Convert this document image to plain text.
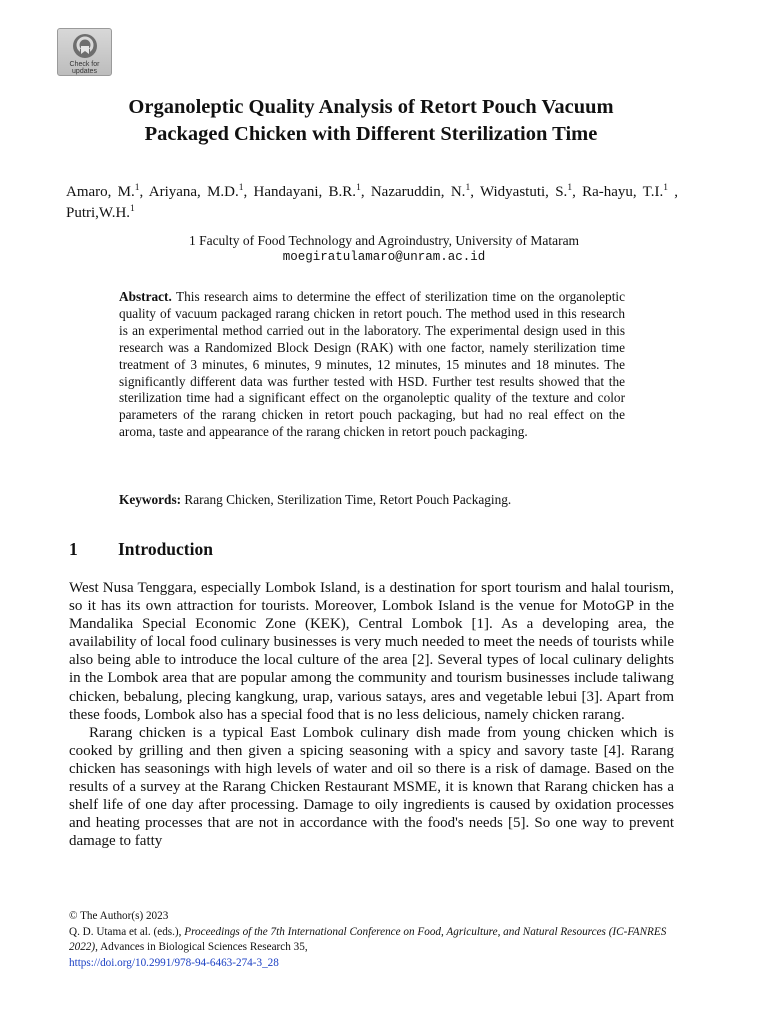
Check for
updates
Organoleptic Quality Analysis of Retort Pouch Vacuum
Packaged Chicken with Different Sterilization Time

Amaro, M.$^1$, Ariyana, M.D.$^1$, Handayani, B.R.$^1$, Nazaruddin, N.$^1$, Widyastuti, S.$^1$, Ra-hayu, T.I.$^1$ , Putri,W.H.$^1$

1 Faculty of Food Technology and Agroindustry, University of Mataram

moegiratulamaro@unram.ac.id

Abstract. This research aims to determine the effect of sterilization time on the organoleptic quality of vacuum packaged rarang chicken in retort pouch. The method used in this research is an experimental method carried out in the laboratory. The experimental design used in this research was a Randomized Block Design (RAK) with one factor, namely sterilization time treatment of 3 minutes, 6 minutes, 9 minutes, 12 minutes, 15 minutes and 18 minutes. The significantly different data was further tested with HSD. Further test results showed that the sterilization time had a significant effect on the organoleptic quality of the texture and color parameters of the rarang chicken in retort pouch packaging, but had no real effect on the aroma, taste and appearance of the rarang chicken in retort pouch packaging.

Keywords: Rarang Chicken, Sterilization Time, Retort Pouch Packaging.

1 Introduction

West Nusa Tenggara, especially Lombok Island, is a destination for sport tourism and halal tourism, so it has its own attraction for tourists. Moreover, Lombok Island is the venue for MotoGP in the Mandalika Special Economic Zone (KEK), Central Lombok [1]. As a developing area, the availability of local food culinary businesses is very much needed to meet the needs of tourists while also being able to introduce the local culture of the area [2]. Several types of local culinary delights in the Lombok area that are popular among the community and tourism businesses include taliwang chicken, bebalung, plecing kangkung, urap, various satays, ares and vegetable lebui [3]. Apart from these foods, Lombok also has a special food that is no less delicious, namely chicken rarang.

Rarang chicken is a typical East Lombok culinary dish made from young chicken which is cooked by grilling and then given a spicing seasoning with a spicy and savory taste [4]. Rarang chicken has seasonings with high levels of water and oil so there is a risk of damage. Based on the results of a survey at the Rarang Chicken Restaurant MSME, it is known that Rarang chicken has a shelf life of one day after processing. Damage to oily ingredients is caused by oxidation processes and heating processes that are not in accordance with the food's needs [5]. So one way to prevent damage to fatty

© The Author(s) 2023
Q. D. Utama et al. (eds.), Proceedings of the 7th International Conference on Food, Agriculture, and Natural Resources (IC-FANRES 2022), Advances in Biological Sciences Research 35,
https://doi.org/10.2991/978-94-6463-274-3_28
